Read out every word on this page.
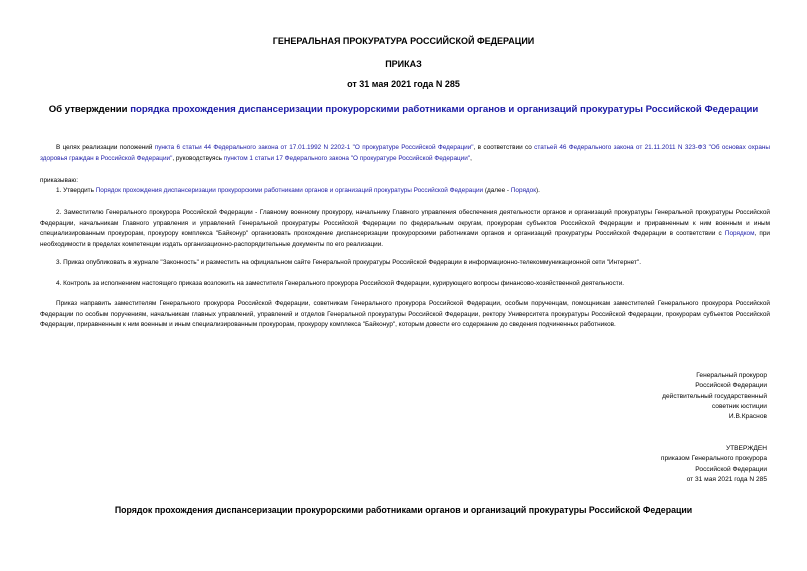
ГЕНЕРАЛЬНАЯ ПРОКУРАТУРА РОССИЙСКОЙ ФЕДЕРАЦИИ
ПРИКАЗ
от 31 мая 2021 года N 285
Об утверждении порядка прохождения диспансеризации прокурорскими работниками органов и организаций прокуратуры Российской Федерации
В целях реализации положений пункта 6 статьи 44 Федерального закона от 17.01.1992 N 2202-1 "О прокуратуре Российской Федерации", в соответствии со статьей 46 Федерального закона от 21.11.2011 N 323-ФЗ "Об основах охраны здоровья граждан в Российской Федерации", руководствуясь пунктом 1 статьи 17 Федерального закона "О прокуратуре Российской Федерации",
приказываю:
1. Утвердить Порядок прохождения диспансеризации прокурорскими работниками органов и организаций прокуратуры Российской Федерации (далее - Порядок).
2. Заместителю Генерального прокурора Российской Федерации - Главному военному прокурору, начальнику Главного управления обеспечения деятельности органов и организаций прокуратуры Генеральной прокуратуры Российской Федерации, начальникам Главного управления и управлений Генеральной прокуратуры Российской Федерации по федеральным округам, прокурорам субъектов Российской Федерации и приравненным к ним военным и иным специализированным прокурорам, прокурору комплекса "Байконур" организовать прохождение диспансеризации прокурорскими работниками органов и организаций прокуратуры Российской Федерации в соответствии с Порядком, при необходимости в пределах компетенции издать организационно-распорядительные документы по его реализации.
3. Приказ опубликовать в журнале "Законность" и разместить на официальном сайте Генеральной прокуратуры Российской Федерации в информационно-телекоммуникационной сети "Интернет".
4. Контроль за исполнением настоящего приказа возложить на заместителя Генерального прокурора Российской Федерации, курирующего вопросы финансово-хозяйственной деятельности.
Приказ направить заместителям Генерального прокурора Российской Федерации, советникам Генерального прокурора Российской Федерации, особым порученцам, помощникам заместителей Генерального прокурора Российской Федерации по особым поручениям, начальникам главных управлений, управлений и отделов Генеральной прокуратуры Российской Федерации, ректору Университета прокуратуры Российской Федерации, прокурорам субъектов Российской Федерации, приравненным к ним военным и иным специализированным прокурорам, прокурору комплекса "Байконур", которым довести его содержание до сведения подчиненных работников.
Генеральный прокурор
Российской Федерации
действительный государственный
советник юстиции
И.В.Краснов
УТВЕРЖДЕН
приказом Генерального прокурора
Российской Федерации
от 31 мая 2021 года N 285
Порядок прохождения диспансеризации прокурорскими работниками органов и организаций прокуратуры Российской Федерации
